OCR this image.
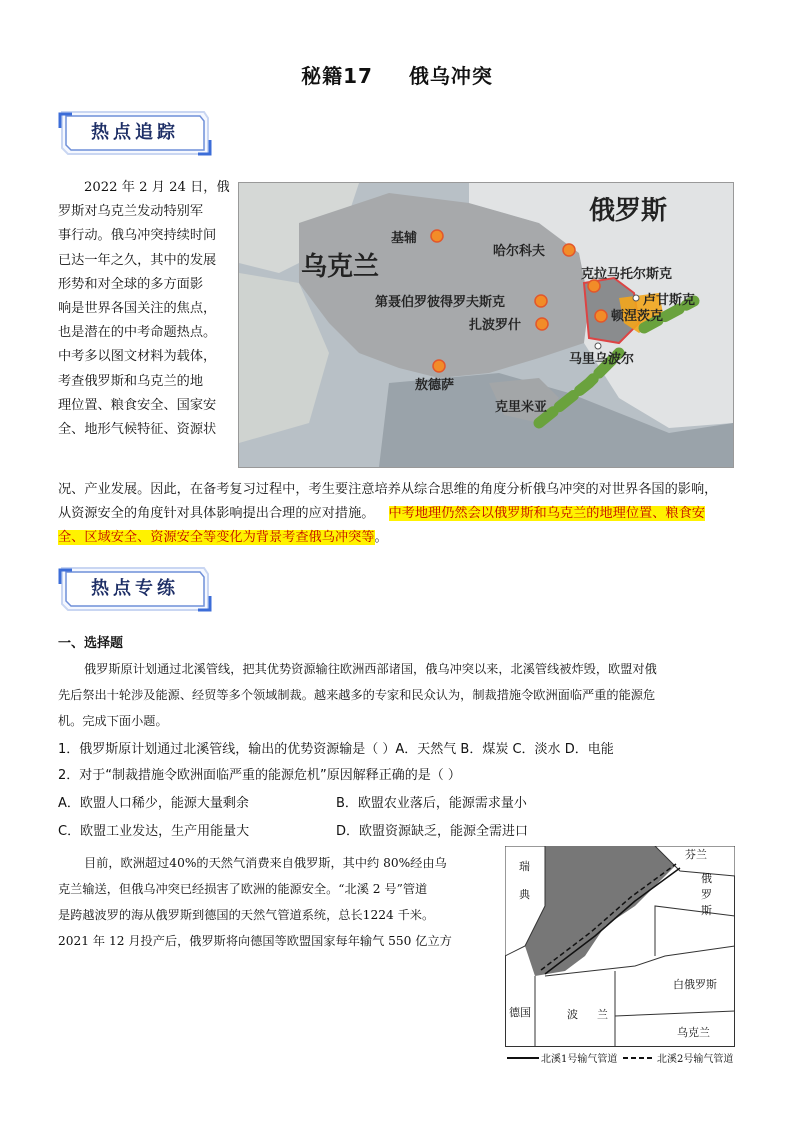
秘籍17 俄乌冲突
热点追踪
2022 年 2 月 24 日，俄
罗斯对乌克兰发动特别军
事行动。俄乌冲突持续时间
已达一年之久，其中的发展
形势和对全球的多方面影
响是世界各国关注的焦点，
也是潜在的中考命题热点。
中考多以图文材料为载体，
考查俄罗斯和乌克兰的地
理位置、粮食安全、国家安
全、地形气候特征、资源状
俄罗斯
乌克兰
基辅
哈尔科夫
克拉马托尔斯克
卢甘斯克
第聂伯罗彼得罗夫斯克
顿涅茨克
扎波罗什
马里乌波尔
敖德萨
克里米亚
况、产业发展。因此，在备考复习过程中，考生要注意培养从综合思维的角度分析俄乌冲突的对世界各国的影响，
从资源安全的角度针对具体影响提出合理的应对措施。 中考地理仍然会以俄罗斯和乌克兰的地理位置、粮食安
全、区域安全、资源安全等变化为背景考查俄乌冲突等。
热点专练
一、选择题
俄罗斯原计划通过北溪管线，把其优势资源输往欧洲西部诸国，俄乌冲突以来，北溪管线被炸毁，欧盟对俄
先后祭出十轮涉及能源、经贸等多个领域制裁。越来越多的专家和民众认为，制裁措施令欧洲面临严重的能源危
机。完成下面小题。
1．俄罗斯原计划通过北溪管线，输出的优势资源输是（ ）A．天然气 B．煤炭 C．淡水 D．电能
2．对于“制裁措施令欧洲面临严重的能源危机”原因解释正确的是（ ）
A．欧盟人口稀少，能源大量剩余	B．欧盟农业落后，能源需求量小
C．欧盟工业发达，生产用能量大	D．欧盟资源缺乏，能源全需进口
目前，欧洲超过40%的天然气消费来自俄罗斯，其中约 80%经由乌
克兰输送，但俄乌冲突已经损害了欧洲的能源安全。“北溪 2 号”管道
是跨越波罗的海从俄罗斯到德国的天然气管道系统，总长1224 千米。
2021 年 12 月投产后，俄罗斯将向德国等欧盟国家每年输气 550 亿立方
芬兰
瑞
典
俄
罗
斯
白俄罗斯
德国	波 兰
乌克兰
北溪1号输气管道	北溪2号输气管道
